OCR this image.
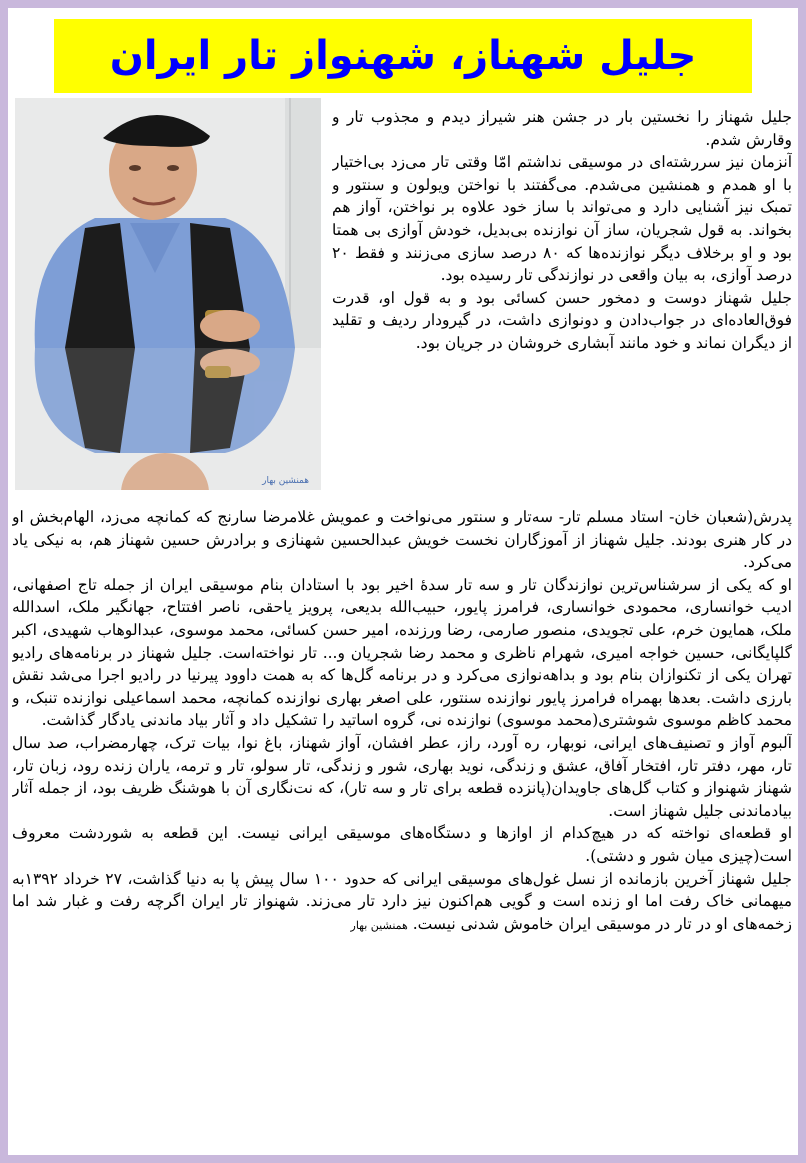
جلیل شهناز، شهنواز تار ایران
همنشین بهار

جلیل شهناز را نخستین بار در جشن هنر شیراز دیدم و مجذوب تار و وقارش شدم.

آنزمان نیز سررشته‌ای در موسیقی نداشتم امّا وقتی تار می‌زد بی‌اختیار با او همدم و همنشین می‌شدم. می‌گفتند با نواختن ویولون و سنتور و تمبک نیز آشنایی دارد و می‌تواند با ساز خود علاوه بر نواختن، آواز هم بخواند. به قول شجریان، ساز آن نوازنده بی‌بدیل، خودش آوازی بی همتا بود و او برخلاف دیگر نوازنده‌ها که ۸۰ درصد سازی می‌زنند و فقط ۲۰ درصد آوازی، به بیان واقعی در نوازندگی تار رسیده بود.

جلیل شهناز دوست و دمخور حسن کسائی بود و به قول او، قدرت فوق‌العاده‌ای در جواب‌دادن و دونوازی داشت، در گیرودار ردیف و تقلید از دیگران نماند و خود مانند آبشاری خروشان در جریان بود.

پدرش(شعبان خان- استاد مسلم تار- سه‌تار و سنتور می‌نواخت و عمویش غلامرضا سارنج که کمانچه می‌زد، الهام‌بخش او در کار هنری بودند. جلیل شهناز از آموزگاران نخست خویش عبدالحسین شهنازی و برادرش حسین شهناز هم، به نیکی یاد می‌کرد.

او که یکی از سرشناس‌ترین نوازندگان تار و سه تار سدهٔ اخیر بود با استادان بنام موسیقی ایران از جمله تاج اصفهانی، ادیب خوانساری، محمودی خوانساری، فرامرز پایور، حبیب‌الله بدیعی، پرویز یاحقی، ناصر افتتاح، جهانگیر ملک، اسدالله ملک، همایون خرم، علی تجویدی، منصور صارمی، رضا ورزنده، امیر حسن کسائی، محمد موسوی، عبدالوهاب شهیدی، اکبر گلپایگانی، حسین خواجه امیری، شهرام ناظری و محمد رضا شجریان و... تار نواخته‌است. جلیل شهناز در برنامه‌های رادیو تهران یکی از تکنوازان بنام بود و بداهه‌نوازی می‌کرد و در برنامه گل‌ها که به همت داوود پیرنیا در رادیو اجرا می‌شد نقش بارزی داشت. بعدها بهمراه فرامرز پایور نوازنده سنتور، علی اصغر بهاری نوازنده کمانچه، محمد اسماعیلی نوازنده تنبک، و محمد کاظم موسوی شوشتری(محمد موسوی) نوازنده نی، گروه اساتید را تشکیل داد و آثار بیاد ماندنی یادگار گذاشت.

آلبوم آواز و تصنیف‌های ایرانی، نوبهار، ره آورد، راز، عطر افشان، آواز شهناز، باغ نوا، بیات ترک، چهارمضراب، صد سال تار، مهر، دفتر تار، افتخار آفاق، عشق و زندگی، نوید بهاری، شور و زندگی، تار سولو، تار و ترمه، یاران زنده رود، زبان تار، شهناز شهنواز و کتاب گل‌های جاویدان(پانزده قطعه برای تار و سه تار)، که نت‌نگاری آن با هوشنگ ظریف بود، از جمله آثار بیادماندنی جلیل شهناز است.

او قطعه‌ای نواخته که در هیچ‌کدام از اوازها و دستگاه‌های موسیقی ایرانی نیست. این قطعه به شوردشت معروف است(چیزی میان شور و دشتی).

جلیل شهناز آخرین بازمانده از نسل غول‌های موسیقی ایرانی که حدود ۱۰۰ سال پیش پا به دنیا گذاشت، ۲۷ خرداد ۱۳۹۲به میهمانی خاک رفت اما او زنده است و گویی هم‌اکنون نیز دارد تار می‌زند. شهنواز تار ایران اگرچه رفت و غبار شد اما زخمه‌های او در تار در موسیقی ایران خاموش شدنی نیست. همنشین بهار
